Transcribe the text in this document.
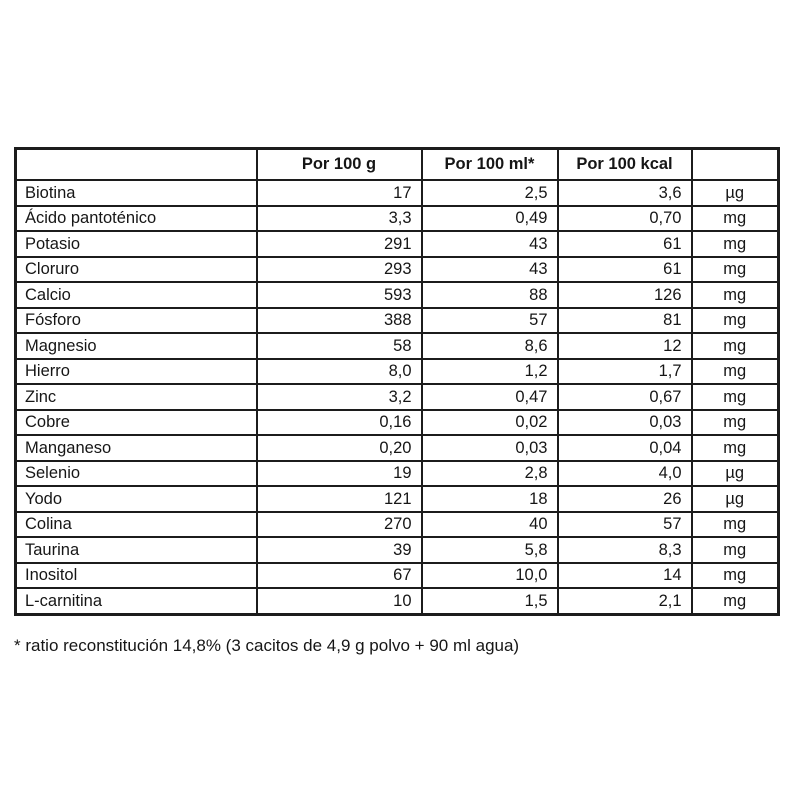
	Por 100 g	Por 100 ml*	Por 100 kcal	
Biotina	17	2,5	3,6	µg
Ácido pantoténico	3,3	0,49	0,70	mg
Potasio	291	43	61	mg
Cloruro	293	43	61	mg
Calcio	593	88	126	mg
Fósforo	388	57	81	mg
Magnesio	58	8,6	12	mg
Hierro	8,0	1,2	1,7	mg
Zinc	3,2	0,47	0,67	mg
Cobre	0,16	0,02	0,03	mg
Manganeso	0,20	0,03	0,04	mg
Selenio	19	2,8	4,0	µg
Yodo	121	18	26	µg
Colina	270	40	57	mg
Taurina	39	5,8	8,3	mg
Inositol	67	10,0	14	mg
L-carnitina	10	1,5	2,1	mg

* ratio reconstitución 14,8% (3 cacitos de 4,9 g polvo + 90 ml agua)
